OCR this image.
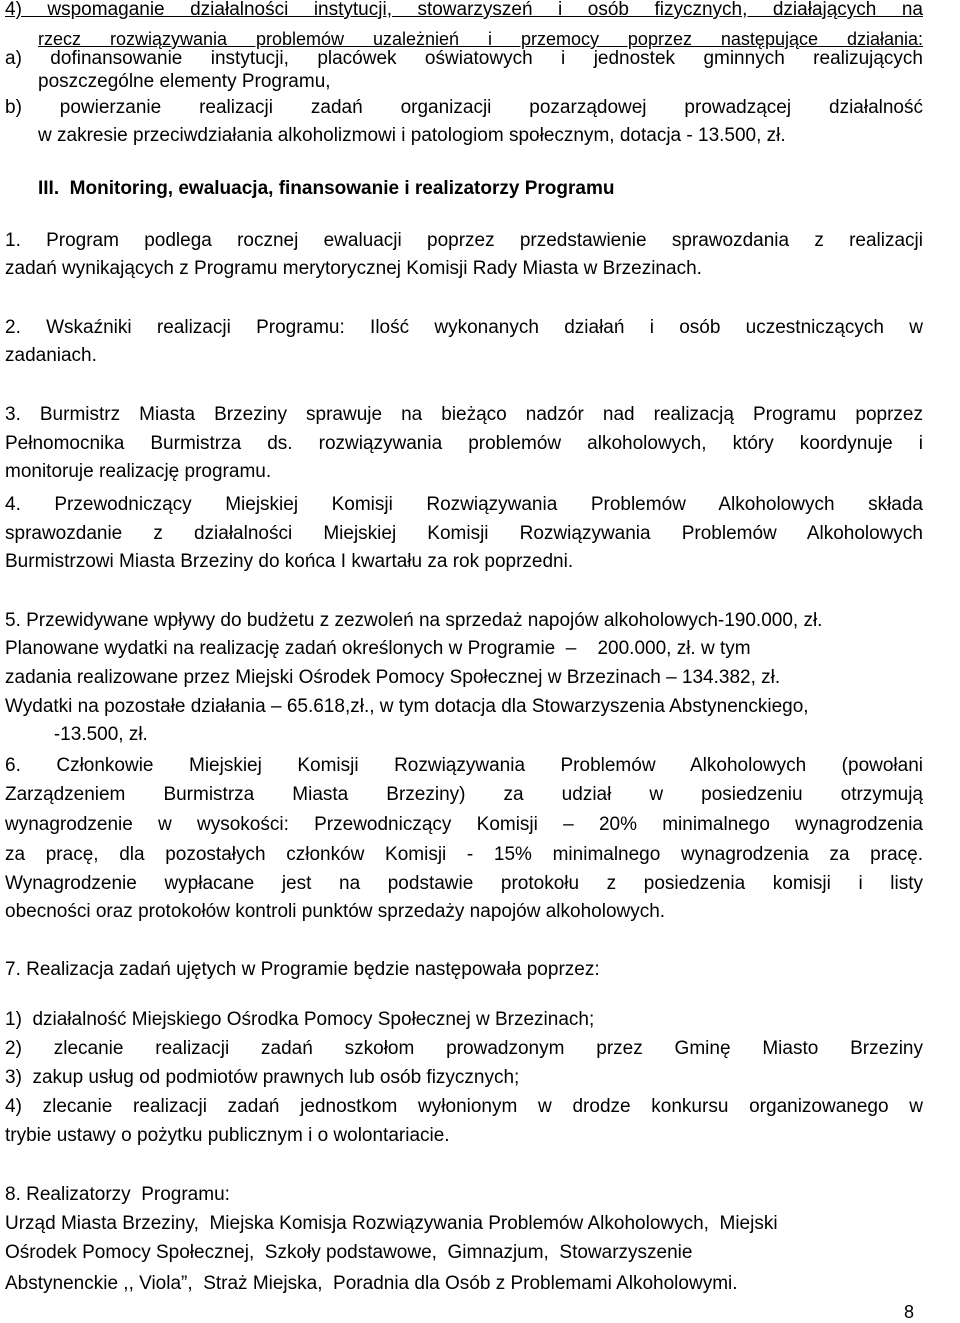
4) wspomaganie działalności instytucji, stowarzyszeń i osób fizycznych, działających na
rzecz rozwiązywania problemów uzależnień i przemocy poprzez następujące działania:
a) dofinansowanie instytucji, placówek oświatowych i jednostek gminnych realizujących
poszczególne elementy Programu,
b) powierzanie realizacji zadań organizacji pozarządowej prowadzącej działalność
w zakresie przeciwdziałania alkoholizmowi i patologiom społecznym, dotacja - 13.500, zł.
III.  Monitoring, ewaluacja, finansowanie i realizatorzy Programu
1. Program podlega rocznej ewaluacji poprzez przedstawienie sprawozdania z realizacji
zadań wynikających z Programu merytorycznej Komisji Rady Miasta w Brzezinach.
2. Wskaźniki realizacji Programu: Ilość wykonanych działań i osób uczestniczących w
zadaniach.
3. Burmistrz Miasta Brzeziny sprawuje na bieżąco nadzór nad realizacją Programu poprzez
Pełnomocnika Burmistrza ds. rozwiązywania problemów alkoholowych, który koordynuje i
monitoruje realizację programu.
4. Przewodniczący Miejskiej Komisji Rozwiązywania Problemów Alkoholowych składa
sprawozdanie z działalności Miejskiej Komisji Rozwiązywania Problemów Alkoholowych
Burmistrzowi Miasta Brzeziny do końca I kwartału za rok poprzedni.
5. Przewidywane wpływy do budżetu z zezwoleń na sprzedaż napojów alkoholowych-190.000, zł.
Planowane wydatki na realizację zadań określonych w Programie  –    200.000, zł. w tym
zadania realizowane przez Miejski Ośrodek Pomocy Społecznej w Brzezinach – 134.382, zł.
Wydatki na pozostałe działania – 65.618,zł., w tym dotacja dla Stowarzyszenia Abstynenckiego,
-13.500, zł.
6. Członkowie Miejskiej Komisji Rozwiązywania Problemów Alkoholowych (powołani
Zarządzeniem Burmistrza Miasta Brzeziny) za udział w posiedzeniu otrzymują
wynagrodzenie w wysokości: Przewodniczący Komisji – 20% minimalnego wynagrodzenia
za pracę, dla pozostałych członków Komisji - 15% minimalnego wynagrodzenia za pracę.
Wynagrodzenie wypłacane jest na podstawie protokołu z posiedzenia komisji i listy
obecności oraz protokołów kontroli punktów sprzedaży napojów alkoholowych.
7. Realizacja zadań ujętych w Programie będzie następowała poprzez:
1)  działalność Miejskiego Ośrodka Pomocy Społecznej w Brzezinach;
2) zlecanie realizacji zadań szkołom prowadzonym przez Gminę Miasto Brzeziny
3)  zakup usług od podmiotów prawnych lub osób fizycznych;
4) zlecanie realizacji zadań jednostkom wyłonionym w drodze konkursu organizowanego w
trybie ustawy o pożytku publicznym i o wolontariacie.
8. Realizatorzy  Programu:
Urząd Miasta Brzeziny,  Miejska Komisja Rozwiązywania Problemów Alkoholowych,  Miejski
Ośrodek Pomocy Społecznej,  Szkoły podstawowe,  Gimnazjum,  Stowarzyszenie
Abstynenckie ,, Viola”,  Straż Miejska,  Poradnia dla Osób z Problemami Alkoholowymi.
8
